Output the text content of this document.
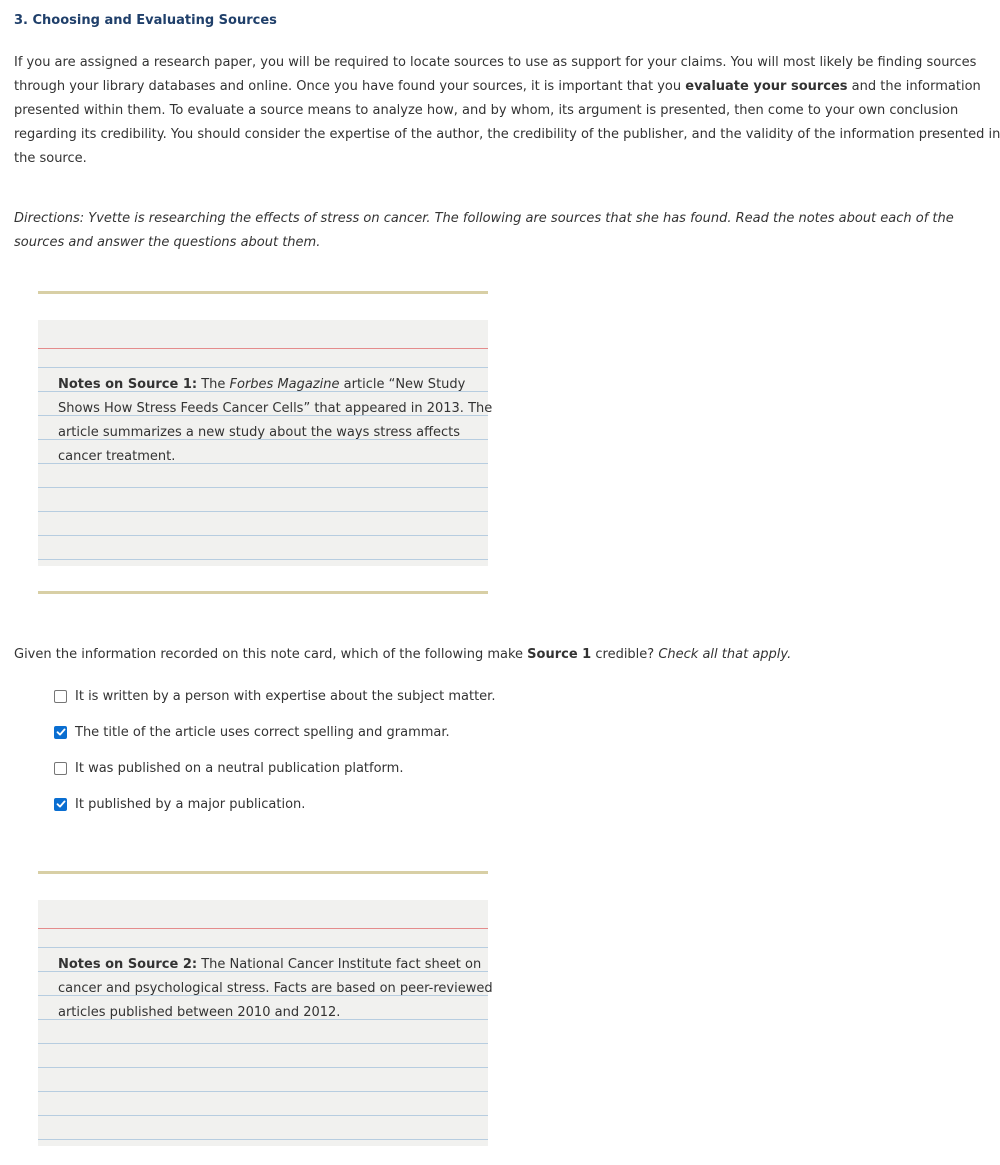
3. Choosing and Evaluating Sources
If you are assigned a research paper, you will be required to locate sources to use as support for your claims. You will most likely be finding sources
through your library databases and online. Once you have found your sources, it is important that you evaluate your sources and the information
presented within them. To evaluate a source means to analyze how, and by whom, its argument is presented, then come to your own conclusion
regarding its credibility. You should consider the expertise of the author, the credibility of the publisher, and the validity of the information presented in
the source.
Directions: Yvette is researching the effects of stress on cancer. The following are sources that she has found. Read the notes about each of the
sources and answer the questions about them.
Notes on Source 1: The Forbes Magazine article “New Study
Shows How Stress Feeds Cancer Cells” that appeared in 2013. The
article summarizes a new study about the ways stress affects
cancer treatment.
Given the information recorded on this note card, which of the following make Source 1 credible? Check all that apply.
It is written by a person with expertise about the subject matter.
The title of the article uses correct spelling and grammar.
It was published on a neutral publication platform.
It published by a major publication.
Notes on Source 2: The National Cancer Institute fact sheet on
cancer and psychological stress. Facts are based on peer-reviewed
articles published between 2010 and 2012.
